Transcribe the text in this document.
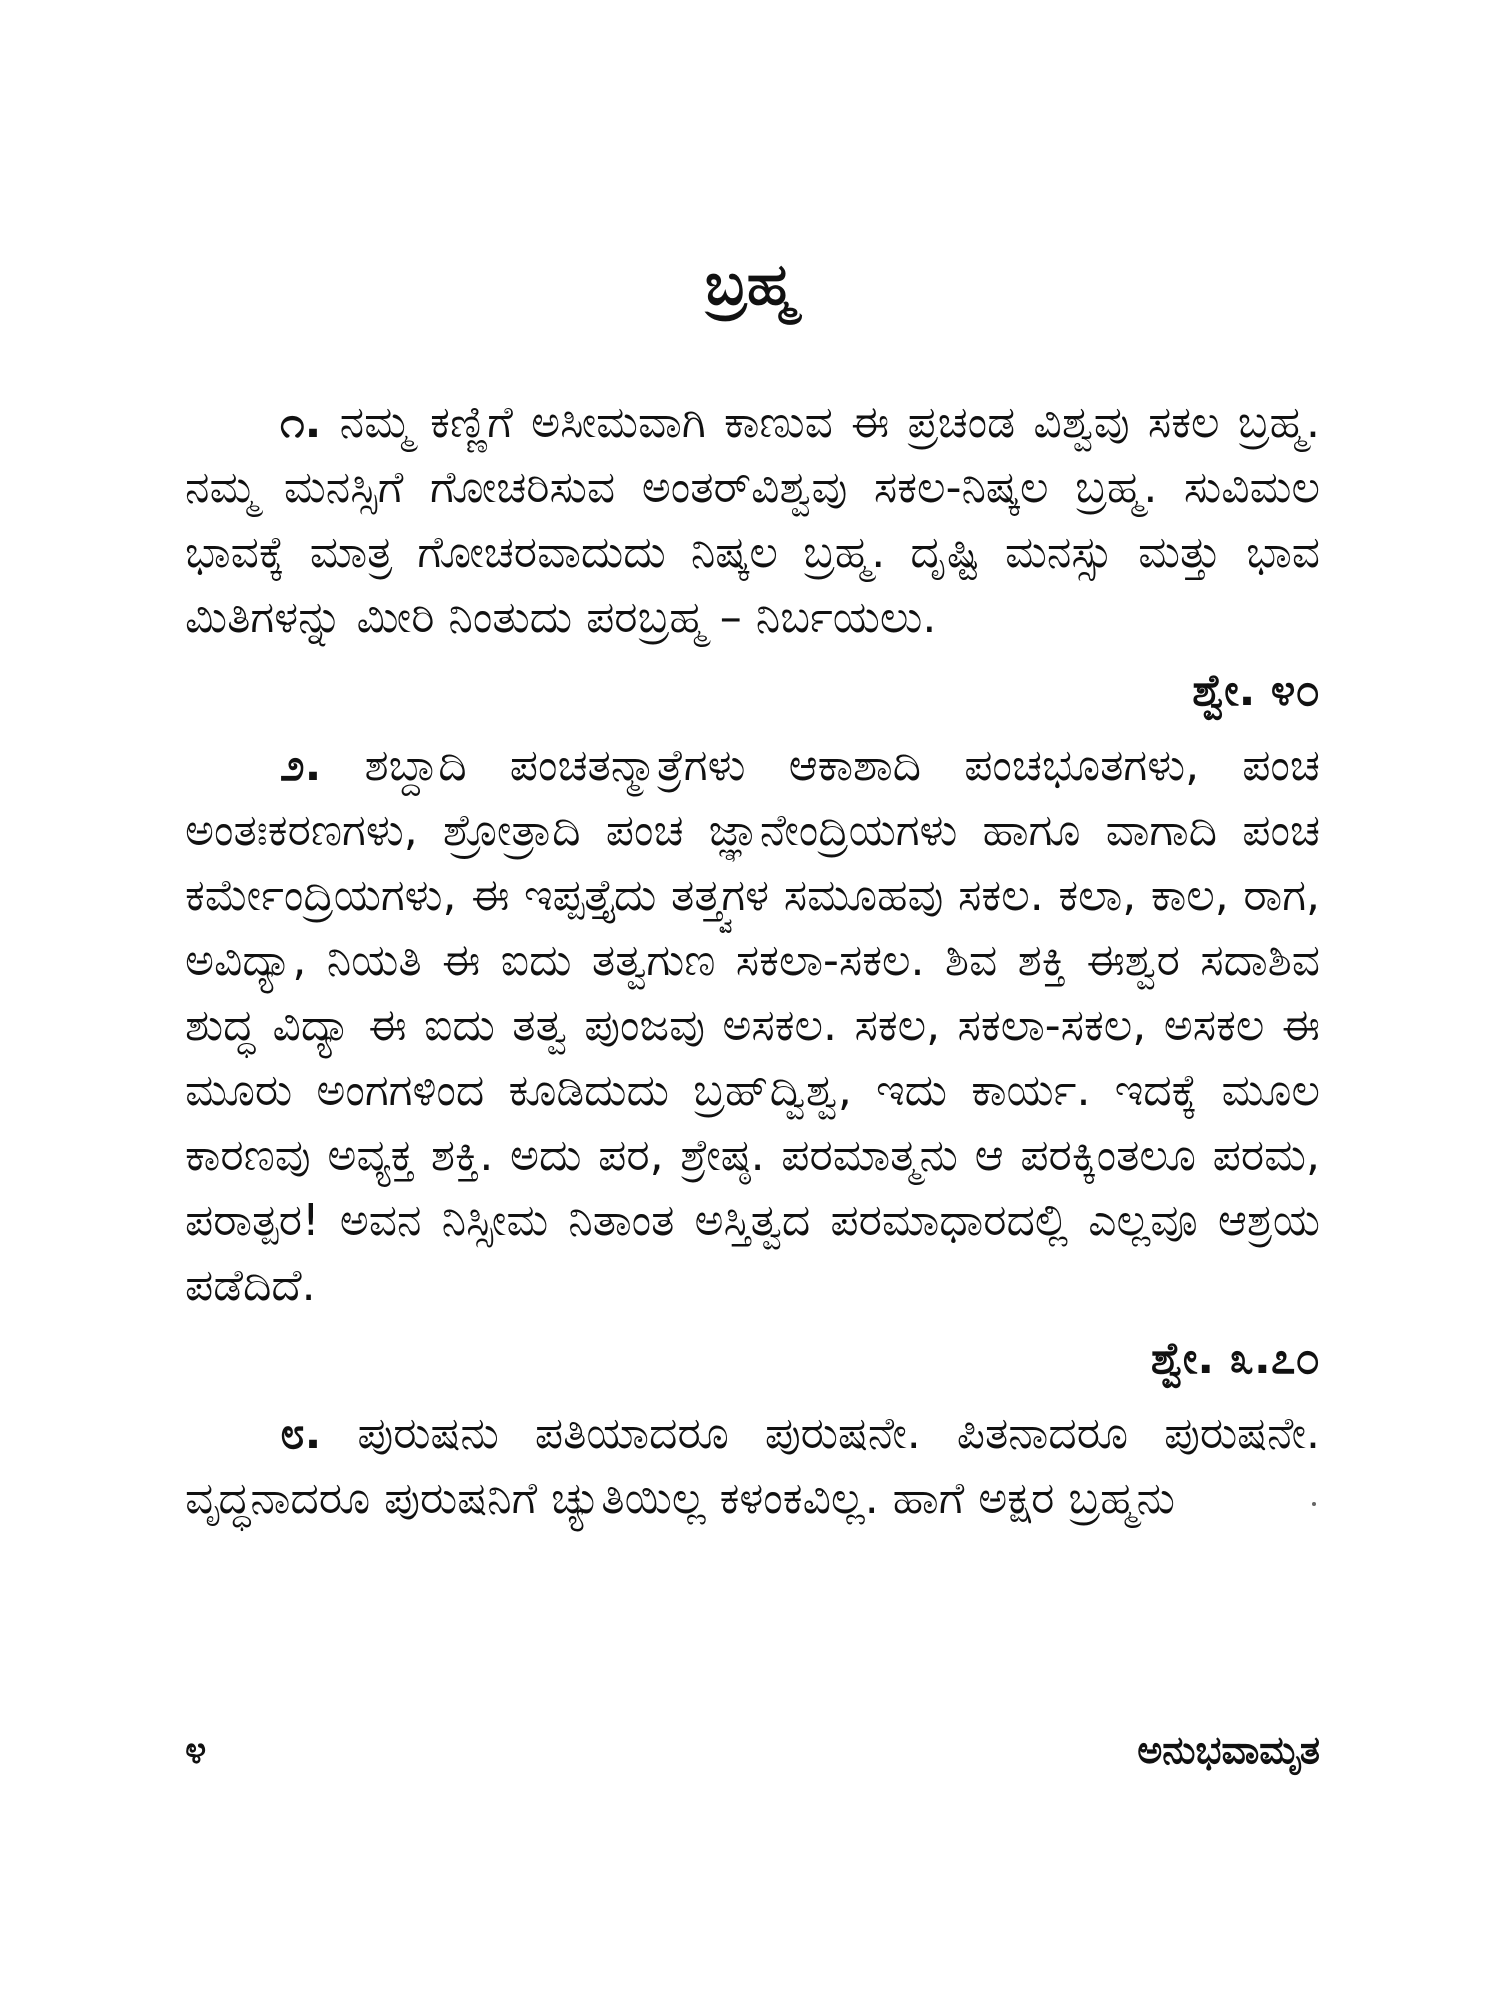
ಬ್ರಹ್ಮ

೧. ನಮ್ಮ ಕಣ್ಣಿಗೆ ಅಸೀಮವಾಗಿ ಕಾಣುವ ಈ ಪ್ರಚಂಡ ವಿಶ್ವವು ಸಕಲ ಬ್ರಹ್ಮ. ನಮ್ಮ ಮನಸ್ಸಿಗೆ ಗೋಚರಿಸುವ ಅಂತರ್‌ವಿಶ್ವವು ಸಕಲ-ನಿಷ್ಕಲ ಬ್ರಹ್ಮ. ಸುವಿಮಲ ಭಾವಕ್ಕೆ ಮಾತ್ರ ಗೋಚರವಾದುದು ನಿಷ್ಕಲ ಬ್ರಹ್ಮ. ದೃಷ್ಟಿ ಮನಸ್ಸು ಮತ್ತು ಭಾವ ಮಿತಿಗಳನ್ನು ಮೀರಿ ನಿಂತುದು ಪರಬ್ರಹ್ಮ – ನಿರ್ಬಯಲು.

ಶ್ವೇ. ೪೦

೨. ಶಬ್ದಾದಿ ಪಂಚತನ್ಮಾತ್ರೆಗಳು ಆಕಾಶಾದಿ ಪಂಚಭೂತಗಳು, ಪಂಚ ಅಂತಃಕರಣಗಳು, ಶ್ರೋತ್ರಾದಿ ಪಂಚ ಜ್ಞಾನೇಂದ್ರಿಯಗಳು ಹಾಗೂ ವಾಗಾದಿ ಪಂಚ ಕರ್ಮೇಂದ್ರಿಯಗಳು, ಈ ಇಪ್ಪತ್ತೈದು ತತ್ತ್ವಗಳ ಸಮೂಹವು ಸಕಲ. ಕಲಾ, ಕಾಲ, ರಾಗ, ಅವಿದ್ಯಾ, ನಿಯತಿ ಈ ಐದು ತತ್ವಗುಣ ಸಕಲಾ-ಸಕಲ. ಶಿವ ಶಕ್ತಿ ಈಶ್ವರ ಸದಾಶಿವ ಶುದ್ಧ ವಿದ್ಯಾ ಈ ಐದು ತತ್ವ ಪುಂಜವು ಅಸಕಲ. ಸಕಲ, ಸಕಲಾ-ಸಕಲ, ಅಸಕಲ ಈ ಮೂರು ಅಂಗಗಳಿಂದ ಕೂಡಿದುದು ಬ್ರಹ್‌ದ್ವಿಶ್ವ, ಇದು ಕಾರ್ಯ. ಇದಕ್ಕೆ ಮೂಲ ಕಾರಣವು ಅವ್ಯಕ್ತ ಶಕ್ತಿ. ಅದು ಪರ, ಶ್ರೇಷ್ಠ. ಪರಮಾತ್ಮನು ಆ ಪರಕ್ಕಿಂತಲೂ ಪರಮ, ಪರಾತ್ಪರ! ಅವನ ನಿಸ್ಸೀಮ ನಿತಾಂತ ಅಸ್ತಿತ್ವದ ಪರಮಾಧಾರದಲ್ಲಿ ಎಲ್ಲವೂ ಆಶ್ರಯ ಪಡೆದಿದೆ.

ಶ್ವೇ. ೩.೭೦

೮. ಪುರುಷನು ಪತಿಯಾದರೂ ಪುರುಷನೇ. ಪಿತನಾದರೂ ಪುರುಷನೇ. ವೃದ್ಧನಾದರೂ ಪುರುಷನಿಗೆ ಚ್ಯುತಿಯಿಲ್ಲ ಕಳಂಕವಿಲ್ಲ. ಹಾಗೆ ಅಕ್ಷರ ಬ್ರಹ್ಮನು

೪	ಅನುಭವಾಮೃತ
